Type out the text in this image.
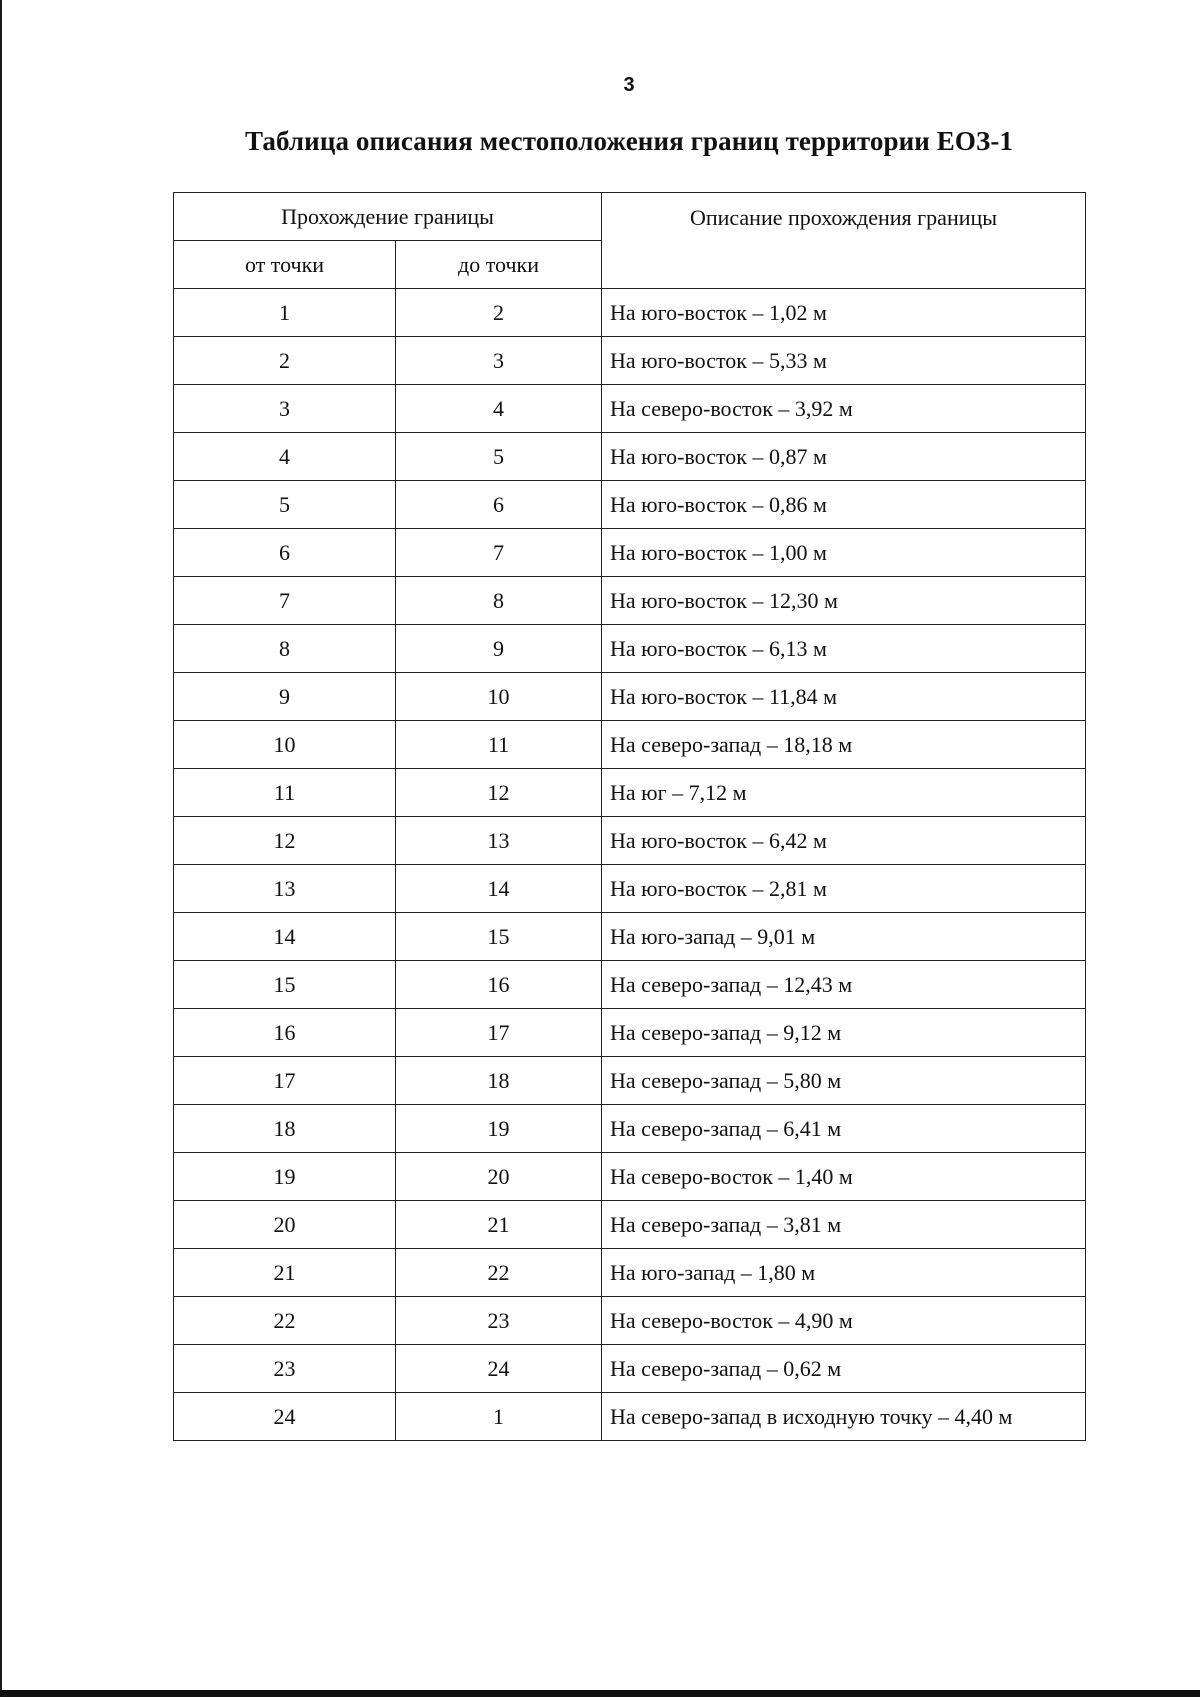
3
Таблица описания местоположения границ территории ЕОЗ-1
Прохождение границы		Описание прохождения границы
от точки	до точки	
1	2	На юго-восток – 1,02 м
2	3	На юго-восток – 5,33 м
3	4	На северо-восток – 3,92 м
4	5	На юго-восток – 0,87 м
5	6	На юго-восток – 0,86 м
6	7	На юго-восток – 1,00 м
7	8	На юго-восток – 12,30 м
8	9	На юго-восток – 6,13 м
9	10	На юго-восток – 11,84 м
10	11	На северо-запад – 18,18 м
11	12	На юг – 7,12 м
12	13	На юго-восток – 6,42 м
13	14	На юго-восток – 2,81 м
14	15	На юго-запад – 9,01 м
15	16	На северо-запад – 12,43 м
16	17	На северо-запад – 9,12 м
17	18	На северо-запад – 5,80 м
18	19	На северо-запад – 6,41 м
19	20	На северо-восток – 1,40 м
20	21	На северо-запад – 3,81 м
21	22	На юго-запад – 1,80 м
22	23	На северо-восток – 4,90 м
23	24	На северо-запад – 0,62 м
24	1	На северо-запад в исходную точку – 4,40 м
